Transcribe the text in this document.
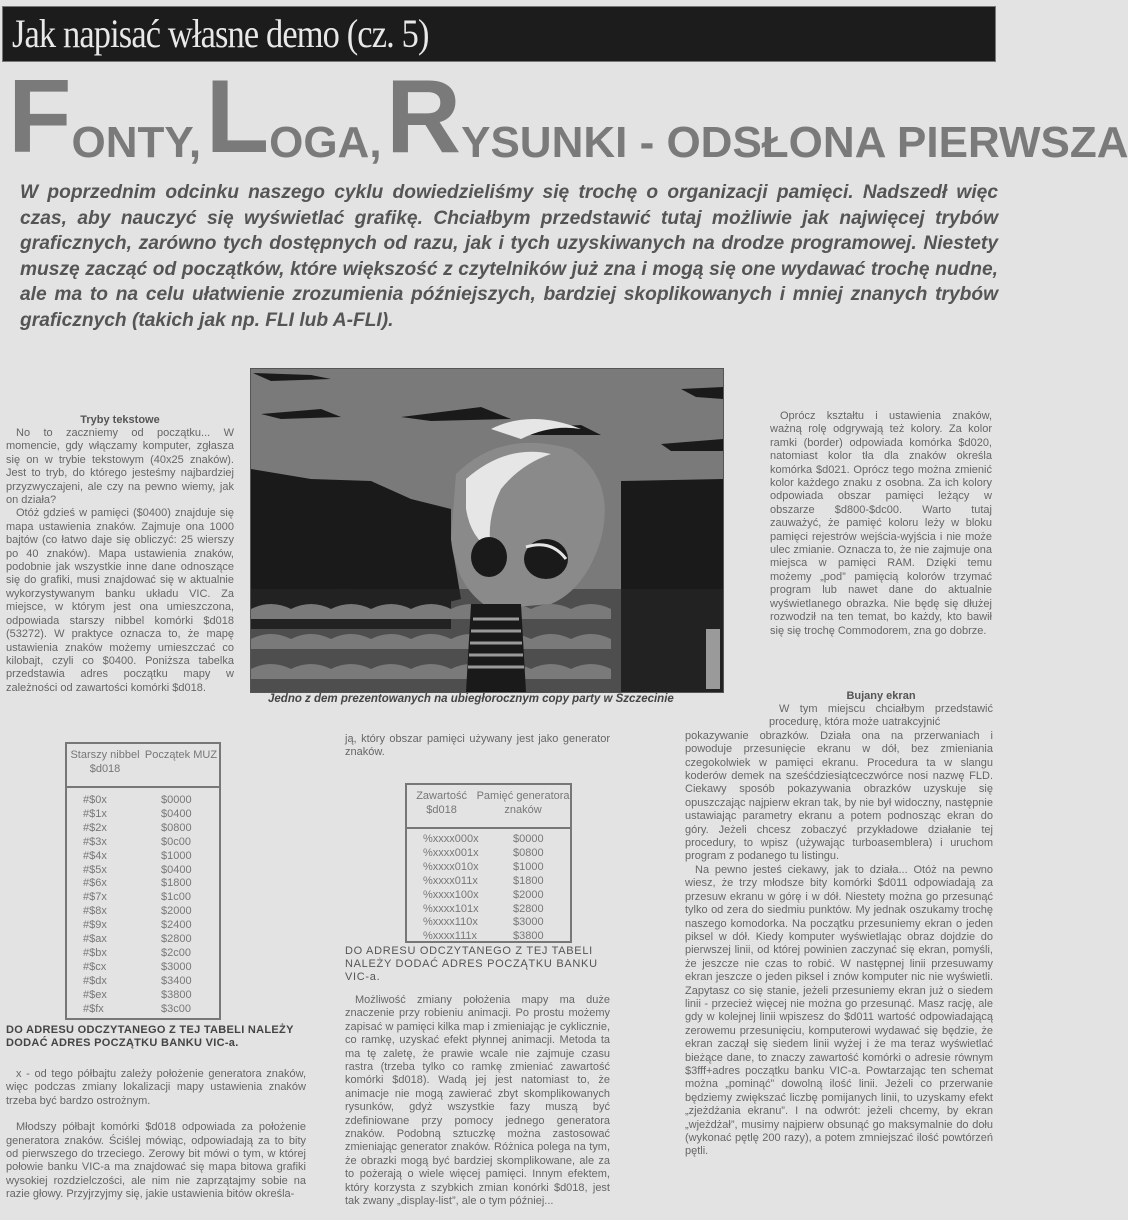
Jak napisać własne demo (cz. 5)
FONTY, LOGA, RYSUNKI - ODSŁONA PIERWSZA
W poprzednim odcinku naszego cyklu dowiedzieliśmy się trochę o organizacji pamięci. Nadszedł więc czas, aby nauczyć się wyświetlać grafikę. Chciałbym przedstawić tutaj możliwie jak najwięcej trybów graficznych, zarówno tych dostępnych od razu, jak i tych uzyskiwanych na drodze programowej. Niestety muszę zacząć od początków, które większość z czytelników już zna i mogą się one wydawać trochę nudne, ale ma to na celu ułatwienie zrozumienia późniejszych, bardziej skoplikowanych i mniej znanych trybów graficznych (takich jak np. FLI lub A-FLI).
Tryby tekstowe

No to zaczniemy od początku... W momencie, gdy włączamy komputer, zgłasza się on w trybie tekstowym (40x25 znaków). Jest to tryb, do którego jesteśmy najbardziej przyzwyczajeni, ale czy na pewno wiemy, jak on działa?

Otóż gdzieś w pamięci ($0400) znajduje się mapa ustawienia znaków. Zajmuje ona 1000 bajtów (co łatwo daje się obliczyć: 25 wierszy po 40 znaków). Mapa ustawienia znaków, podobnie jak wszystkie inne dane odnoszące się do grafiki, musi znajdować się w aktualnie wykorzystywanym banku układu VIC. Za miejsce, w którym jest ona umieszczona, odpowiada starszy nibbel komórki $d018 (53272). W praktyce oznacza to, że mapę ustawienia znaków możemy umieszczać co kilobajt, czyli co $0400. Poniższa tabelka przedstawia adres początku mapy w zależności od zawartości komórki $d018.

Jedno z dem prezentowanych na ubiegłorocznym copy party w Szczecinie
Starszy nibbel $d018
Początek MUZ
#$0x	$0000
#$1x	$0400
#$2x	$0800
#$3x	$0c00
#$4x	$1000
#$5x	$0400
#$6x	$1800
#$7x	$1c00
#$8x	$2000
#$9x	$2400
#$ax	$2800
#$bx	$2c00
#$cx	$3000
#$dx	$3400
#$ex	$3800
#$fx	$3c00
DO ADRESU ODCZYTANEGO Z TEJ TABELI NALEŻY DODAĆ ADRES POCZĄTKU BANKU VIC-a.

x - od tego półbajtu zależy położenie generatora znaków, więc podczas zmiany lokalizacji mapy ustawienia znaków trzeba być bardzo ostrożnym.

Młodszy półbajt komórki $d018 odpowiada za położenie generatora znaków. Ściślej mówiąc, odpowiadają za to bity od pierwszego do trzeciego. Zerowy bit mówi o tym, w której połowie banku VIC-a ma znajdować się mapa bitowa grafiki wysokiej rozdzielczości, ale nim nie zaprzątajmy sobie na razie głowy. Przyjrzyjmy się, jakie ustawienia bitów określa-

ją, który obszar pamięci używany jest jako generator znaków.
Zawartość $d018
Pamięć generatora znaków
%xxxx000x	$0000
%xxxx001x	$0800
%xxxx010x	$1000
%xxxx011x	$1800
%xxxx100x	$2000
%xxxx101x	$2800
%xxxx110x	$3000
%xxxx111x	$3800
DO ADRESU ODCZYTANEGO Z TEJ TABELI NALEŻY DODAĆ ADRES POCZĄTKU BANKU VIC-a.

Możliwość zmiany położenia mapy ma duże znaczenie przy robieniu animacji. Po prostu możemy zapisać w pamięci kilka map i zmieniając je cyklicznie, co ramkę, uzyskać efekt płynnej animacji. Metoda ta ma tę zaletę, że prawie wcale nie zajmuje czasu rastra (trzeba tylko co ramkę zmieniać zawartość komórki $d018). Wadą jej jest natomiast to, że animacje nie mogą zawierać zbyt skomplikowanych rysunków, gdyż wszystkie fazy muszą być zdefiniowane przy pomocy jednego generatora znaków. Podobną sztuczkę można zastosować zmieniając generator znaków. Różnica polega na tym, że obrazki mogą być bardziej skomplikowane, ale za to pożerają o wiele więcej pamięci. Innym efektem, który korzysta z szybkich zmian konórki $d018, jest tak zwany „display-list”, ale o tym później...

Oprócz kształtu i ustawienia znaków, ważną rolę odgrywają też kolory. Za kolor ramki (border) odpowiada komórka $d020, natomiast kolor tła dla znaków określa komórka $d021. Oprócz tego można zmienić kolor każdego znaku z osobna. Za ich kolory odpowiada obszar pamięci leżący w obszarze $d800-$dc00. Warto tutaj zauważyć, że pamięć koloru leży w bloku pamięci rejestrów wejścia-wyjścia i nie może ulec zmianie. Oznacza to, że nie zajmuje ona miejsca w pamięci RAM. Dzięki temu możemy „pod” pamięcią kolorów trzymać program lub nawet dane do aktualnie wyświetlanego obrazka. Nie będę się dłużej rozwodził na ten temat, bo każdy, kto bawił się się trochę Commodorem, zna go dobrze.

Bujany ekran
W tym miejscu chciałbym przedstawić procedurę, która może uatrakcyjnić
pokazywanie obrazków. Działa ona na przerwaniach i powoduje przesunięcie ekranu w dół, bez zmieniania czegokolwiek w pamięci ekranu. Procedura ta w slangu koderów demek na sześćdziesiątceczwórce nosi nazwę FLD. Ciekawy sposób pokazywania obrazków uzyskuje się opuszczając najpierw ekran tak, by nie był widoczny, następnie ustawiając parametry ekranu a potem podnosząc ekran do góry. Jeżeli chcesz zobaczyć przykładowe działanie tej procedury, to wpisz (używając turboasemblera) i uruchom program z podanego tu listingu.

Na pewno jesteś ciekawy, jak to działa... Otóż na pewno wiesz, że trzy młodsze bity komórki $d011 odpowiadają za przesuw ekranu w górę i w dół. Niestety można go przesunąć tylko od zera do siedmiu punktów. My jednak oszukamy trochę naszego komodorka. Na początku przesuniemy ekran o jeden piksel w dół. Kiedy komputer wyświetlając obraz dojdzie do pierwszej linii, od której powinien zaczynać się ekran, pomyśli, że jeszcze nie czas to robić. W następnej linii przesuwamy ekran jeszcze o jeden piksel i znów komputer nic nie wyświetli. Zapytasz co się stanie, jeżeli przesuniemy ekran już o siedem linii - przecież więcej nie można go przesunąć. Masz rację, ale gdy w kolejnej linii wpiszesz do $d011 wartość odpowiadającą zerowemu przesunięciu, komputerowi wydawać się będzie, że ekran zaczął się siedem linii wyżej i że ma teraz wyświetlać bieżące dane, to znaczy zawartość komórki o adresie równym $3fff+adres początku banku VIC-a. Powtarzając ten schemat można „pominąć” dowolną ilość linii. Jeżeli co przerwanie będziemy zwiększać liczbę pomijanych linii, to uzyskamy efekt „zjeżdżania ekranu”. I na odwrót: jeżeli chcemy, by ekran „wjeżdżał”, musimy najpierw obsunąć go maksymalnie do dołu (wykonać pętlę 200 razy), a potem zmniejszać ilość powtórzeń pętli.
